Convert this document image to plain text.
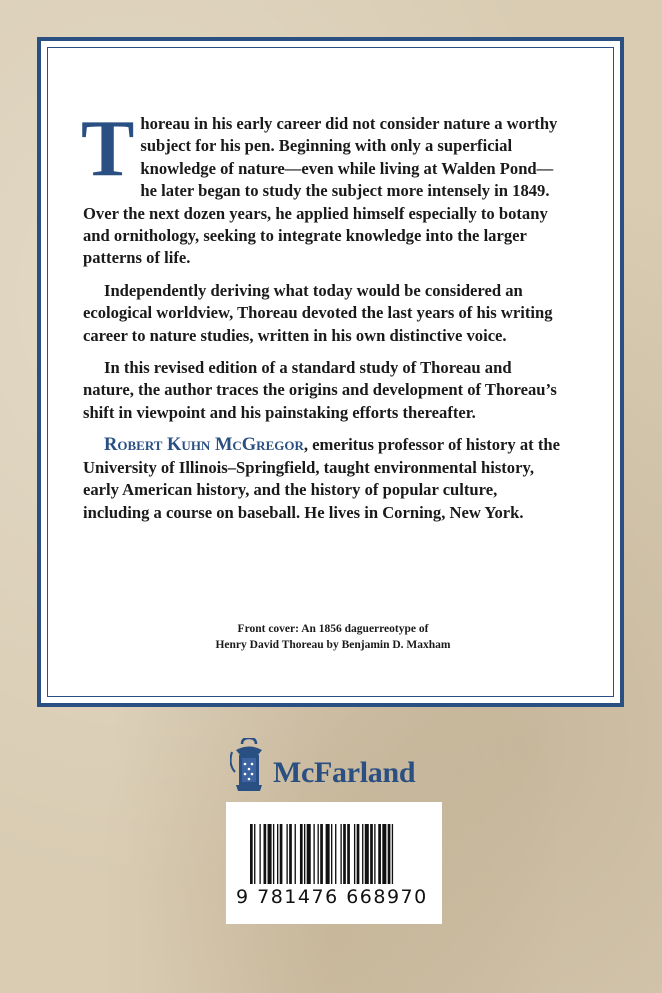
Thoreau in his early career did not consider nature a worthy subject for his pen. Beginning with only a superficial knowledge of nature—even while living at Walden Pond—he later began to study the subject more intensely in 1849. Over the next dozen years, he applied himself especially to botany and ornithology, seeking to integrate knowledge into the larger patterns of life.

Independently deriving what today would be considered an ecological worldview, Thoreau devoted the last years of his writing career to nature studies, written in his own distinctive voice.

In this revised edition of a standard study of Thoreau and nature, the author traces the origins and development of Thoreau’s shift in viewpoint and his painstaking efforts thereafter.

Robert Kuhn McGregor, emeritus professor of history at the University of Illinois–Springfield, taught environmental history, early American history, and the history of popular culture, including a course on baseball. He lives in Corning, New York.

Front cover: An 1856 daguerreotype of
Henry David Thoreau by Benjamin D. Maxham
McFarland
9 781476 668970
